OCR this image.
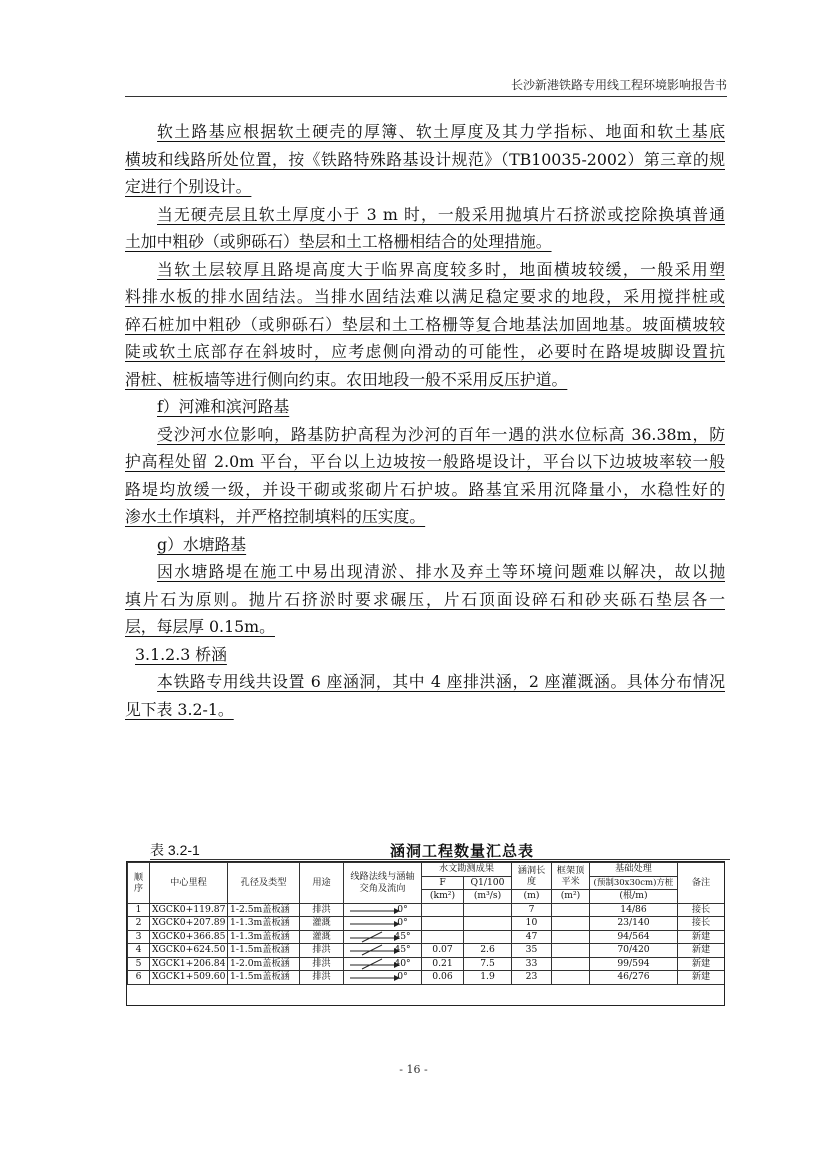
长沙新港铁路专用线工程环境影响报告书
软土路基应根据软土硬壳的厚簿、软土厚度及其力学指标、地面和软土基底
横坡和线路所处位置，按《铁路特殊路基设计规范》（TB10035-2002）第三章的规
定进行个别设计。
当无硬壳层且软土厚度小于 3 m 时，一般采用抛填片石挤淤或挖除换填普通
土加中粗砂（或卵砾石）垫层和土工格栅相结合的处理措施。
当软土层较厚且路堤高度大于临界高度较多时，地面横坡较缓，一般采用塑
料排水板的排水固结法。当排水固结法难以满足稳定要求的地段，采用搅拌桩或
碎石桩加中粗砂（或卵砾石）垫层和土工格栅等复合地基法加固地基。坡面横坡较
陡或软土底部存在斜坡时，应考虑侧向滑动的可能性，必要时在路堤坡脚设置抗
滑桩、桩板墙等进行侧向约束。农田地段一般不采用反压护道。
f）河滩和滨河路基
受沙河水位影响，路基防护高程为沙河的百年一遇的洪水位标高 36.38m，防
护高程处留 2.0m 平台，平台以上边坡按一般路堤设计，平台以下边坡坡率较一般
路堤均放缓一级，并设干砌或浆砌片石护坡。路基宜采用沉降量小，水稳性好的
渗水土作填料，并严格控制填料的压实度。
g）水塘路基
因水塘路堤在施工中易出现清淤、排水及弃土等环境问题难以解决，故以抛
填片石为原则。抛片石挤淤时要求碾压，片石顶面设碎石和砂夹砾石垫层各一
层，每层厚 0.15m。
3.1.2.3 桥涵
本铁路专用线共设置 6 座涵洞，其中 4 座排洪涵，2 座灌溉涵。具体分布情况
见下表 3.2-1。
表 3.2-1	涵洞工程数量汇总表
顺序	中心里程	孔径及类型	用途	线路法线与涵轴交角及流向	水文勘测成果		涵洞长度	框架顶平米	基础处理	备注
					F	Q1/100			(预制30x30cm)方桩	
					(km²)	(m³/s)	(m)	(m²)	(根/m)	
1	XGCK0+119.87	1-2.5m盖板涵	排洪	0°			7		14/86	接长
2	XGCK0+207.89	1-1.3m盖板涵	灌溉	0°			10		23/140	接长
3	XGCK0+366.85	1-1.3m盖板涵	灌溉	45°			47		94/564	新建
4	XGCK0+624.50	1-1.5m盖板涵	排洪	45°	0.07	2.6	35		70/420	新建
5	XGCK1+206.84	1-2.0m盖板涵	排洪	40°	0.21	7.5	33		99/594	新建
6	XGCK1+509.60	1-1.5m盖板涵	排洪	0°	0.06	1.9	23		46/276	新建
- 16 -
